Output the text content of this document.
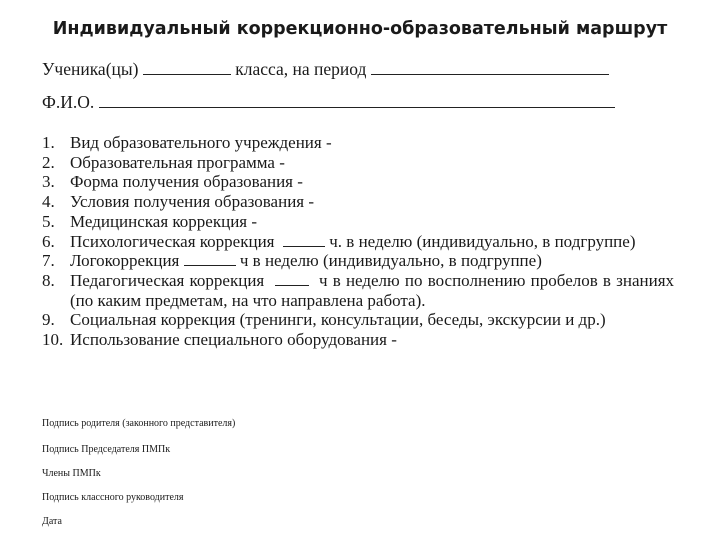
Индивидуальный коррекционно-образовательный маршрут
Ученика(цы)	класса, на период
Ф.И.О.
1. Вид образовательного учреждения -
2. Образовательная программа -
3. Форма получения образования -
4. Условия получения образования -
5. Медицинская коррекция -
6. Психологическая коррекция	ч. в неделю (индивидуально, в подгруппе)
7. Логокоррекция	ч в неделю (индивидуально, в подгруппе)
8. Педагогическая коррекция	ч в неделю по восполнению пробелов в знаниях (по каким предметам, на что направлена работа).
9. Социальная коррекция (тренинги, консультации, беседы, экскурсии и др.)
10. Использование специального оборудования -
Подпись родителя (законного представителя)
Подпись Председателя ПМПк
Члены ПМПк
Подпись классного руководителя
Дата
